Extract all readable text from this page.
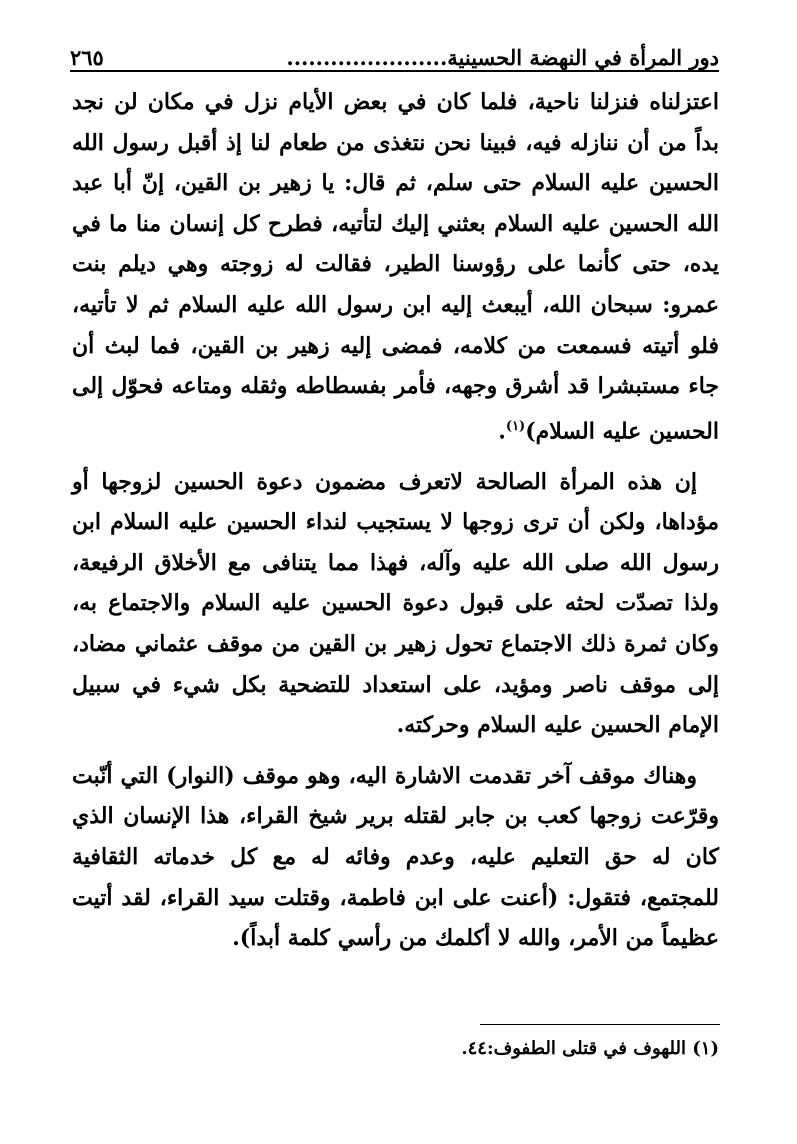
دور المرأة في النهضة الحسينية......................
٢٦٥

اعتزلناه فنزلنا ناحية، فلما كان في بعض الأيام نزل في مكان لن نجد بداً من أن ننازله فيه، فبينا نحن نتغذى من طعام لنا إذ أقبل رسول الله الحسين عليه السلام حتى سلم، ثم قال: يا زهير بن القين، إنّ أبا عبد الله الحسين عليه السلام بعثني إليك لتأتيه، فطرح كل إنسان منا ما في يده، حتى كأنما على رؤوسنا الطير، فقالت له زوجته وهي ديلم بنت عمرو: سبحان الله، أيبعث إليه ابن رسول الله عليه السلام ثم لا تأتيه، فلو أتيته فسمعت من كلامه، فمضى إليه زهير بن القين، فما لبث أن جاء مستبشرا قد أشرق وجهه، فأمر بفسطاطه وثقله ومتاعه فحوّل إلى الحسين عليه السلام)$^{(١)}$.

إن هذه المرأة الصالحة لاتعرف مضمون دعوة الحسين لزوجها أو مؤداها، ولكن أن ترى زوجها لا يستجيب لنداء الحسين عليه السلام ابن رسول الله صلى الله عليه وآله، فهذا مما يتنافى مع الأخلاق الرفيعة، ولذا تصدّت لحثه على قبول دعوة الحسين عليه السلام والاجتماع به، وكان ثمرة ذلك الاجتماع تحول زهير بن القين من موقف عثماني مضاد، إلى موقف ناصر ومؤيد، على استعداد للتضحية بكل شيء في سبيل الإمام الحسين عليه السلام وحركته.

وهناك موقف آخر تقدمت الاشارة اليه، وهو موقف (النوار) التي أنّبت وقرّعت زوجها كعب بن جابر لقتله برير شيخ القراء، هذا الإنسان الذي كان له حق التعليم عليه، وعدم وفائه له مع كل خدماته الثقافية للمجتمع، فتقول: (أعنت على ابن فاطمة، وقتلت سيد القراء، لقد أتيت عظيماً من الأمر، والله لا أكلمك من رأسي كلمة أبداً).

(١) اللهوف في قتلى الطفوف:٤٤.
